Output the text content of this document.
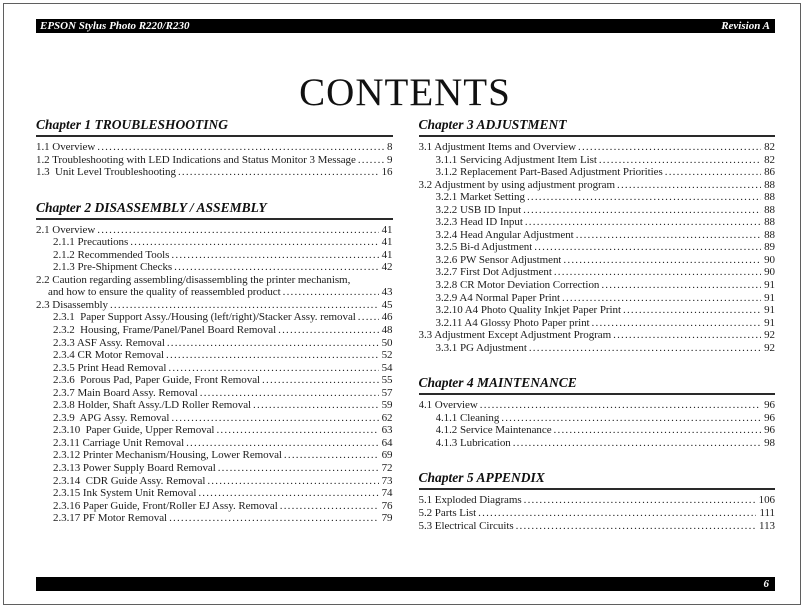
EPSON Stylus Photo R220/R230	Revision A
CONTENTS
Chapter 1 TROUBLESHOOTING
1.1 Overview .....	8
1.2 Troubleshooting with LED Indications and Status Monitor 3 Message .....	9
1.3  Unit Level Troubleshooting .....	16
Chapter 2 DISASSEMBLY / ASSEMBLY
2.1 Overview .....	41
2.1.1 Precautions .....	41
2.1.2 Recommended Tools .....	41
2.1.3 Pre-Shipment Checks .....	42
2.2 Caution regarding assembling/disassembling the printer mechanism,
and how to ensure the quality of reassembled product .....	43
2.3 Disassembly .....	45
2.3.1  Paper Support Assy./Housing (left/right)/Stacker Assy. removal ..... 46
2.3.2  Housing, Frame/Panel/Panel Board Removal .....	48
2.3.3 ASF Assy. Removal .....	50
2.3.4 CR Motor Removal .....	52
2.3.5 Print Head Removal .....	54
2.3.6  Porous Pad, Paper Guide, Front Removal .....	55
2.3.7 Main Board Assy. Removal .....	57
2.3.8 Holder, Shaft Assy./LD Roller Removal .....	59
2.3.9  APG Assy. Removal .....	62
2.3.10  Paper Guide, Upper Removal .....	63
2.3.11 Carriage Unit Removal .....	64
2.3.12 Printer Mechanism/Housing, Lower Removal .....	69
2.3.13 Power Supply Board Removal .....	72
2.3.14  CDR Guide Assy. Removal .....	73
2.3.15 Ink System Unit Removal .....	74
2.3.16 Paper Guide, Front/Roller EJ Assy. Removal .....	76
2.3.17 PF Motor Removal .....	79
Chapter 3 ADJUSTMENT
3.1 Adjustment Items and Overview .....	82
3.1.1 Servicing Adjustment Item List .....	82
3.1.2 Replacement Part-Based Adjustment Priorities .....	86
3.2 Adjustment by using adjustment program .....	88
3.2.1 Market Setting .....	88
3.2.2 USB ID Input .....	88
3.2.3 Head ID Input .....	88
3.2.4 Head Angular Adjustment .....	88
3.2.5 Bi-d Adjustment .....	89
3.2.6 PW Sensor Adjustment .....	90
3.2.7 First Dot Adjustment .....	90
3.2.8 CR Motor Deviation Correction .....	91
3.2.9 A4 Normal Paper Print .....	91
3.2.10 A4 Photo Quality Inkjet Paper Print .....	91
3.2.11 A4 Glossy Photo Paper print .....	91
3.3 Adjustment Except Adjustment Program .....	92
3.3.1 PG Adjustment .....	92
Chapter 4 MAINTENANCE
4.1 Overview .....	96
4.1.1 Cleaning .....	96
4.1.2 Service Maintenance .....	96
4.1.3 Lubrication .....	98
Chapter 5 APPENDIX
5.1 Exploded Diagrams .....	106
5.2 Parts List .....	111
5.3 Electrical Circuits .....	113
6
